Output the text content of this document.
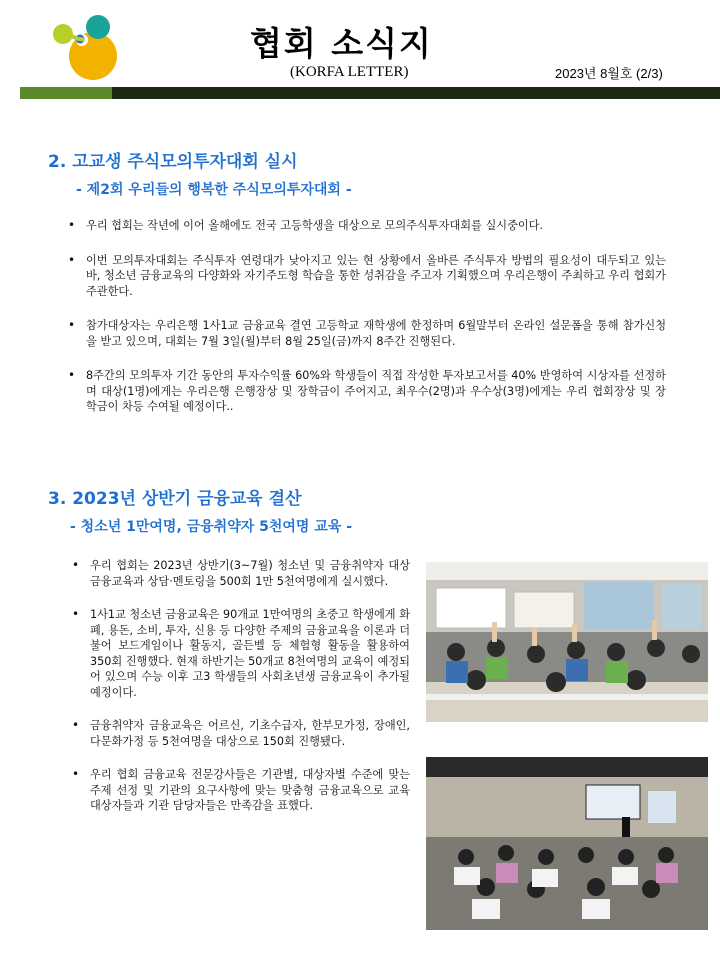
협회 소식지
(KORFA LETTER)	2023년 8월호 (2/3)
2. 고교생 주식모의투자대회 실시
- 제2회 우리들의 행복한 주식모의투자대회 -
• 우리 협회는 작년에 이어 올해에도 전국 고등학생을 대상으로 모의주식투자대회를 실시중이다.
• 이번 모의투자대회는 주식투자 연령대가 낮아지고 있는 현 상황에서 올바른 주식투자 방법의 필요성이 대두되고 있는 바, 청소년 금융교육의 다양화와 자기주도형 학습을 통한 성취감을 주고자 기획했으며 우리은행이 주최하고 우리 협회가 주관한다.
• 참가대상자는 우리은행 1사1교 금융교육 결연 고등학교 재학생에 한정하며 6월말부터 온라인 설문폼을 통해 참가신청을 받고 있으며, 대회는 7월 3일(월)부터 8월 25일(금)까지 8주간 진행된다.
• 8주간의 모의투자 기간 동안의 투자수익률 60%와 학생들이 직접 작성한 투자보고서를 40% 반영하여 시상자를 선정하며 대상(1명)에게는 우리은행 은행장상 및 장학금이 주어지고, 최우수(2명)과 우수상(3명)에게는 우리 협회장상 및 장학금이 차등 수여될 예정이다..
3. 2023년 상반기 금융교육 결산
- 청소년 1만여명, 금융취약자 5천여명 교육 -
• 우리 협회는 2023년 상반기(3~7월) 청소년 및 금융취약자 대상 금융교육과 상담·멘토링을 500회 1만 5천여명에게 실시했다.
• 1사1교 청소년 금융교육은 90개교 1만여명의 초중고 학생에게 화폐, 용돈, 소비, 투자, 신용 등 다양한 주제의 금융교육을 이론과 더불어 보드게임이나 활동지, 골든벨 등 체험형 활동을 활용하여 350회 진행했다. 현재 하반기는 50개교 8천여명의 교육이 예정되어 있으며 수능 이후 고3 학생들의 사회초년생 금융교육이 추가될 예정이다.
• 금융취약자 금융교육은 어르신, 기초수급자, 한부모가정, 장애인, 다문화가정 등 5천여명을 대상으로 150회 진행됐다.
• 우리 협회 금융교육 전문강사들은 기관별, 대상자별 수준에 맞는 주제 선정 및 기관의 요구사항에 맞는 맞춤형 금융교육으로 교육대상자들과 기관 담당자들은 만족감을 표했다.
